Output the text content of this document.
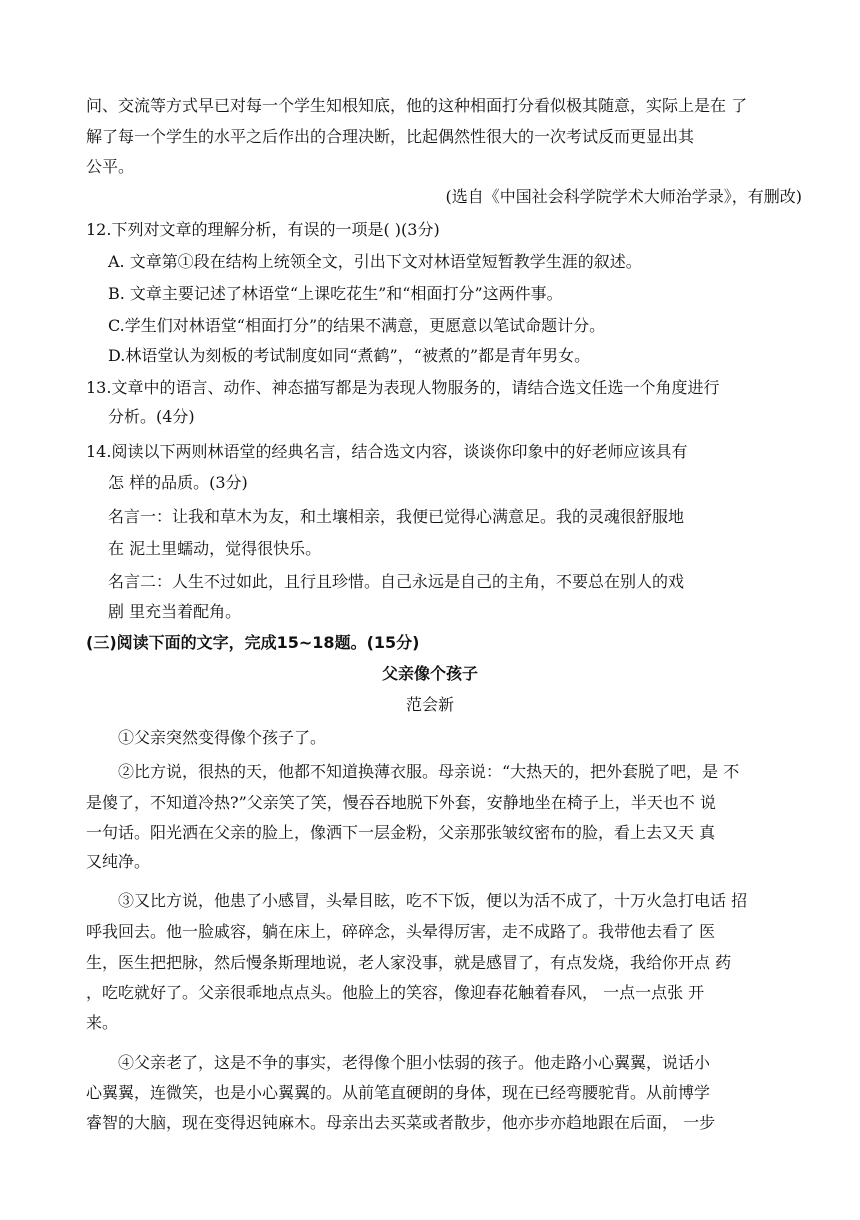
问、交流等方式早已对每一个学生知根知底，他的这种相面打分看似极其随意，实际上是在 了
解了每一个学生的水平之后作出的合理决断，比起偶然性很大的一次考试反而更显出其
公平。
(选自《中国社会科学院学术大师治学录》，有删改)
12.下列对文章的理解分析，有误的一项是( )(3分)
A. 文章第①段在结构上统领全文，引出下文对林语堂短暂教学生涯的叙述。
B. 文章主要记述了林语堂“上课吃花生”和“相面打分”这两件事。
C.学生们对林语堂“相面打分”的结果不满意，更愿意以笔试命题计分。
D.林语堂认为刻板的考试制度如同“煮鹤”，“被煮的”都是青年男女。
13.文章中的语言、动作、神态描写都是为表现人物服务的，请结合选文任选一个角度进行
分析。(4分)
14.阅读以下两则林语堂的经典名言，结合选文内容，谈谈你印象中的好老师应该具有
怎 样的品质。(3分)
名言一：让我和草木为友，和土壤相亲，我便已觉得心满意足。我的灵魂很舒服地
在 泥土里蠕动，觉得很快乐。
名言二：人生不过如此，且行且珍惜。自己永远是自己的主角，不要总在别人的戏
剧 里充当着配角。
(三)阅读下面的文字，完成15~18题。(15分)
父亲像个孩子
范会新
①父亲突然变得像个孩子了。
②比方说，很热的天，他都不知道换薄衣服。母亲说：“大热天的，把外套脱了吧，是 不
是傻了，不知道冷热?”父亲笑了笑，慢吞吞地脱下外套，安静地坐在椅子上，半天也不 说
一句话。阳光洒在父亲的脸上，像洒下一层金粉，父亲那张皱纹密布的脸，看上去又天 真
又纯净。
③又比方说，他患了小感冒，头晕目眩，吃不下饭，便以为活不成了，十万火急打电话 招
呼我回去。他一脸戚容，躺在床上，碎碎念，头晕得厉害，走不成路了。我带他去看了 医
生，医生把把脉，然后慢条斯理地说，老人家没事，就是感冒了，有点发烧，我给你开点 药
，吃吃就好了。父亲很乖地点点头。他脸上的笑容，像迎春花触着春风， 一点一点张 开
来。
④父亲老了，这是不争的事实，老得像个胆小怯弱的孩子。他走路小心翼翼，说话小
心翼翼，连微笑，也是小心翼翼的。从前笔直硬朗的身体，现在已经弯腰驼背。从前博学
睿智的大脑，现在变得迟钝麻木。母亲出去买菜或者散步，他亦步亦趋地跟在后面， 一步
